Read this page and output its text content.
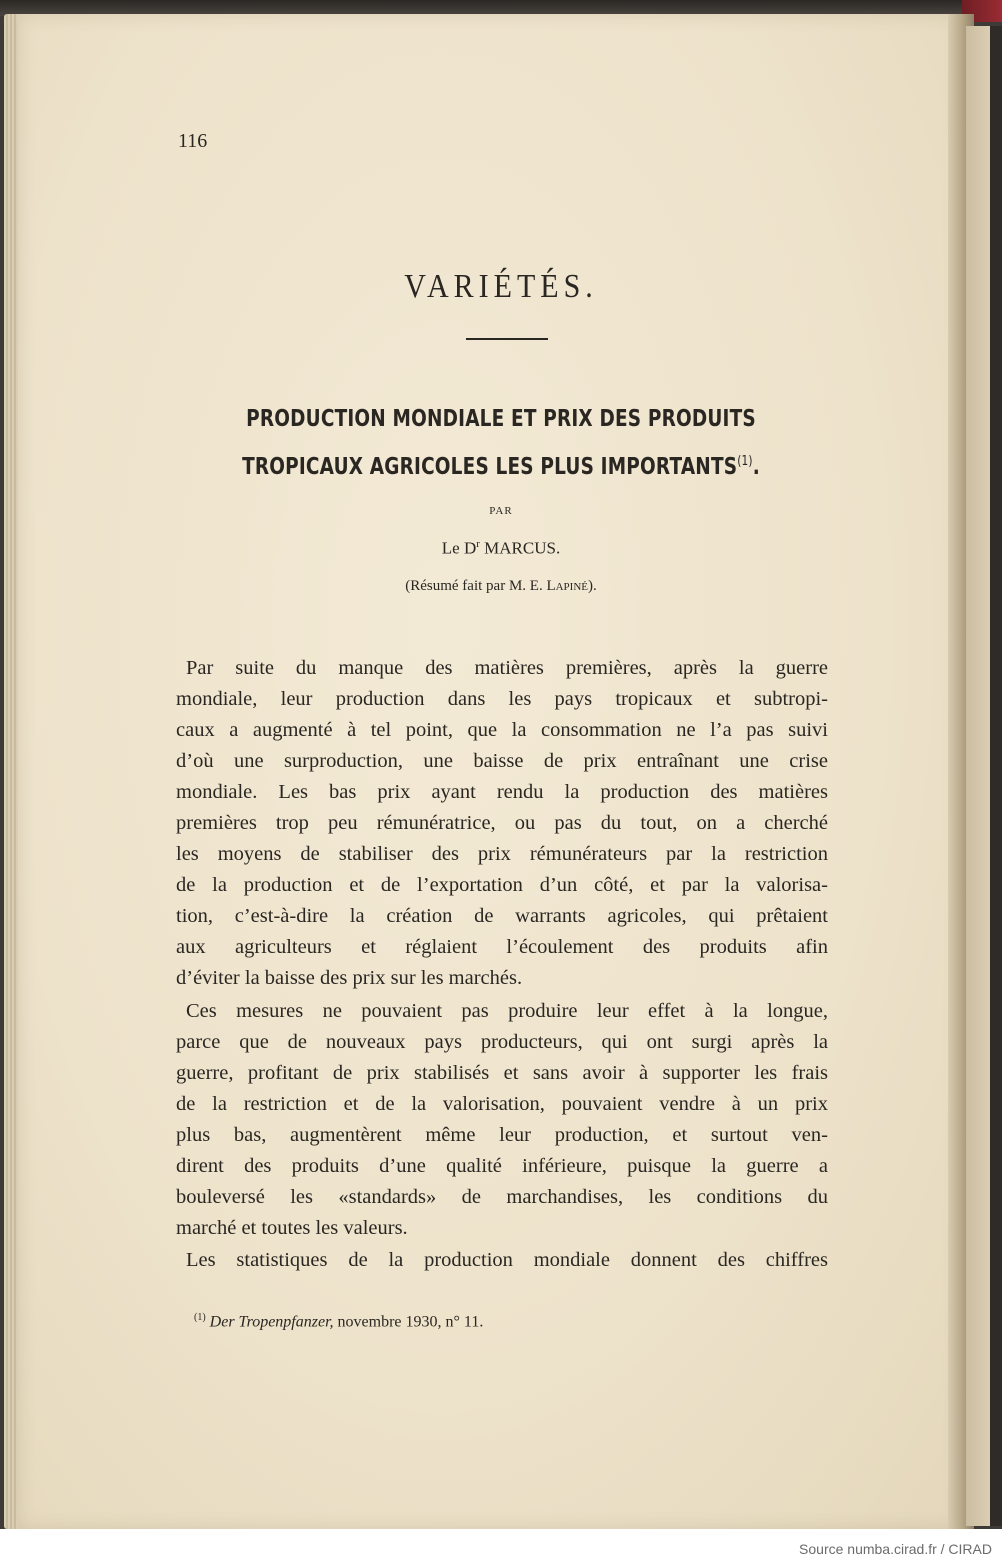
116
VARIÉTÉS.
PRODUCTION MONDIALE ET PRIX DES PRODUITS
TROPICAUX AGRICOLES LES PLUS IMPORTANTS$^{(1)}$.
PAR
Le $D^r$ MARCUS.
(Résumé fait par M. E. Lapiné).
Par suite du manque des matières premières, après la guerre
mondiale, leur production dans les pays tropicaux et subtropi-
caux a augmenté à tel point, que la consommation ne l’a pas suivi
d’où une surproduction, une baisse de prix entraînant une crise
mondiale. Les bas prix ayant rendu la production des matières
premières trop peu rémunératrice, ou pas du tout, on a cherché
les moyens de stabiliser des prix rémunérateurs par la restriction
de la production et de l’exportation d’un côté, et par la valorisa-
tion, c’est-à-dire la création de warrants agricoles, qui prêtaient
aux agriculteurs et réglaient l’écoulement des produits afin
d’éviter la baisse des prix sur les marchés.
Ces mesures ne pouvaient pas produire leur effet à la longue,
parce que de nouveaux pays producteurs, qui ont surgi après la
guerre, profitant de prix stabilisés et sans avoir à supporter les frais
de la restriction et de la valorisation, pouvaient vendre à un prix
plus bas, augmentèrent même leur production, et surtout ven-
dirent des produits d’une qualité inférieure, puisque la guerre a
bouleversé les «standards» de marchandises, les conditions du
marché et toutes les valeurs.
Les statistiques de la production mondiale donnent des chiffres
$^{(1)}$ Der Tropenpfanzer, novembre 1930, n° 11.
Source numba.cirad.fr / CIRAD
